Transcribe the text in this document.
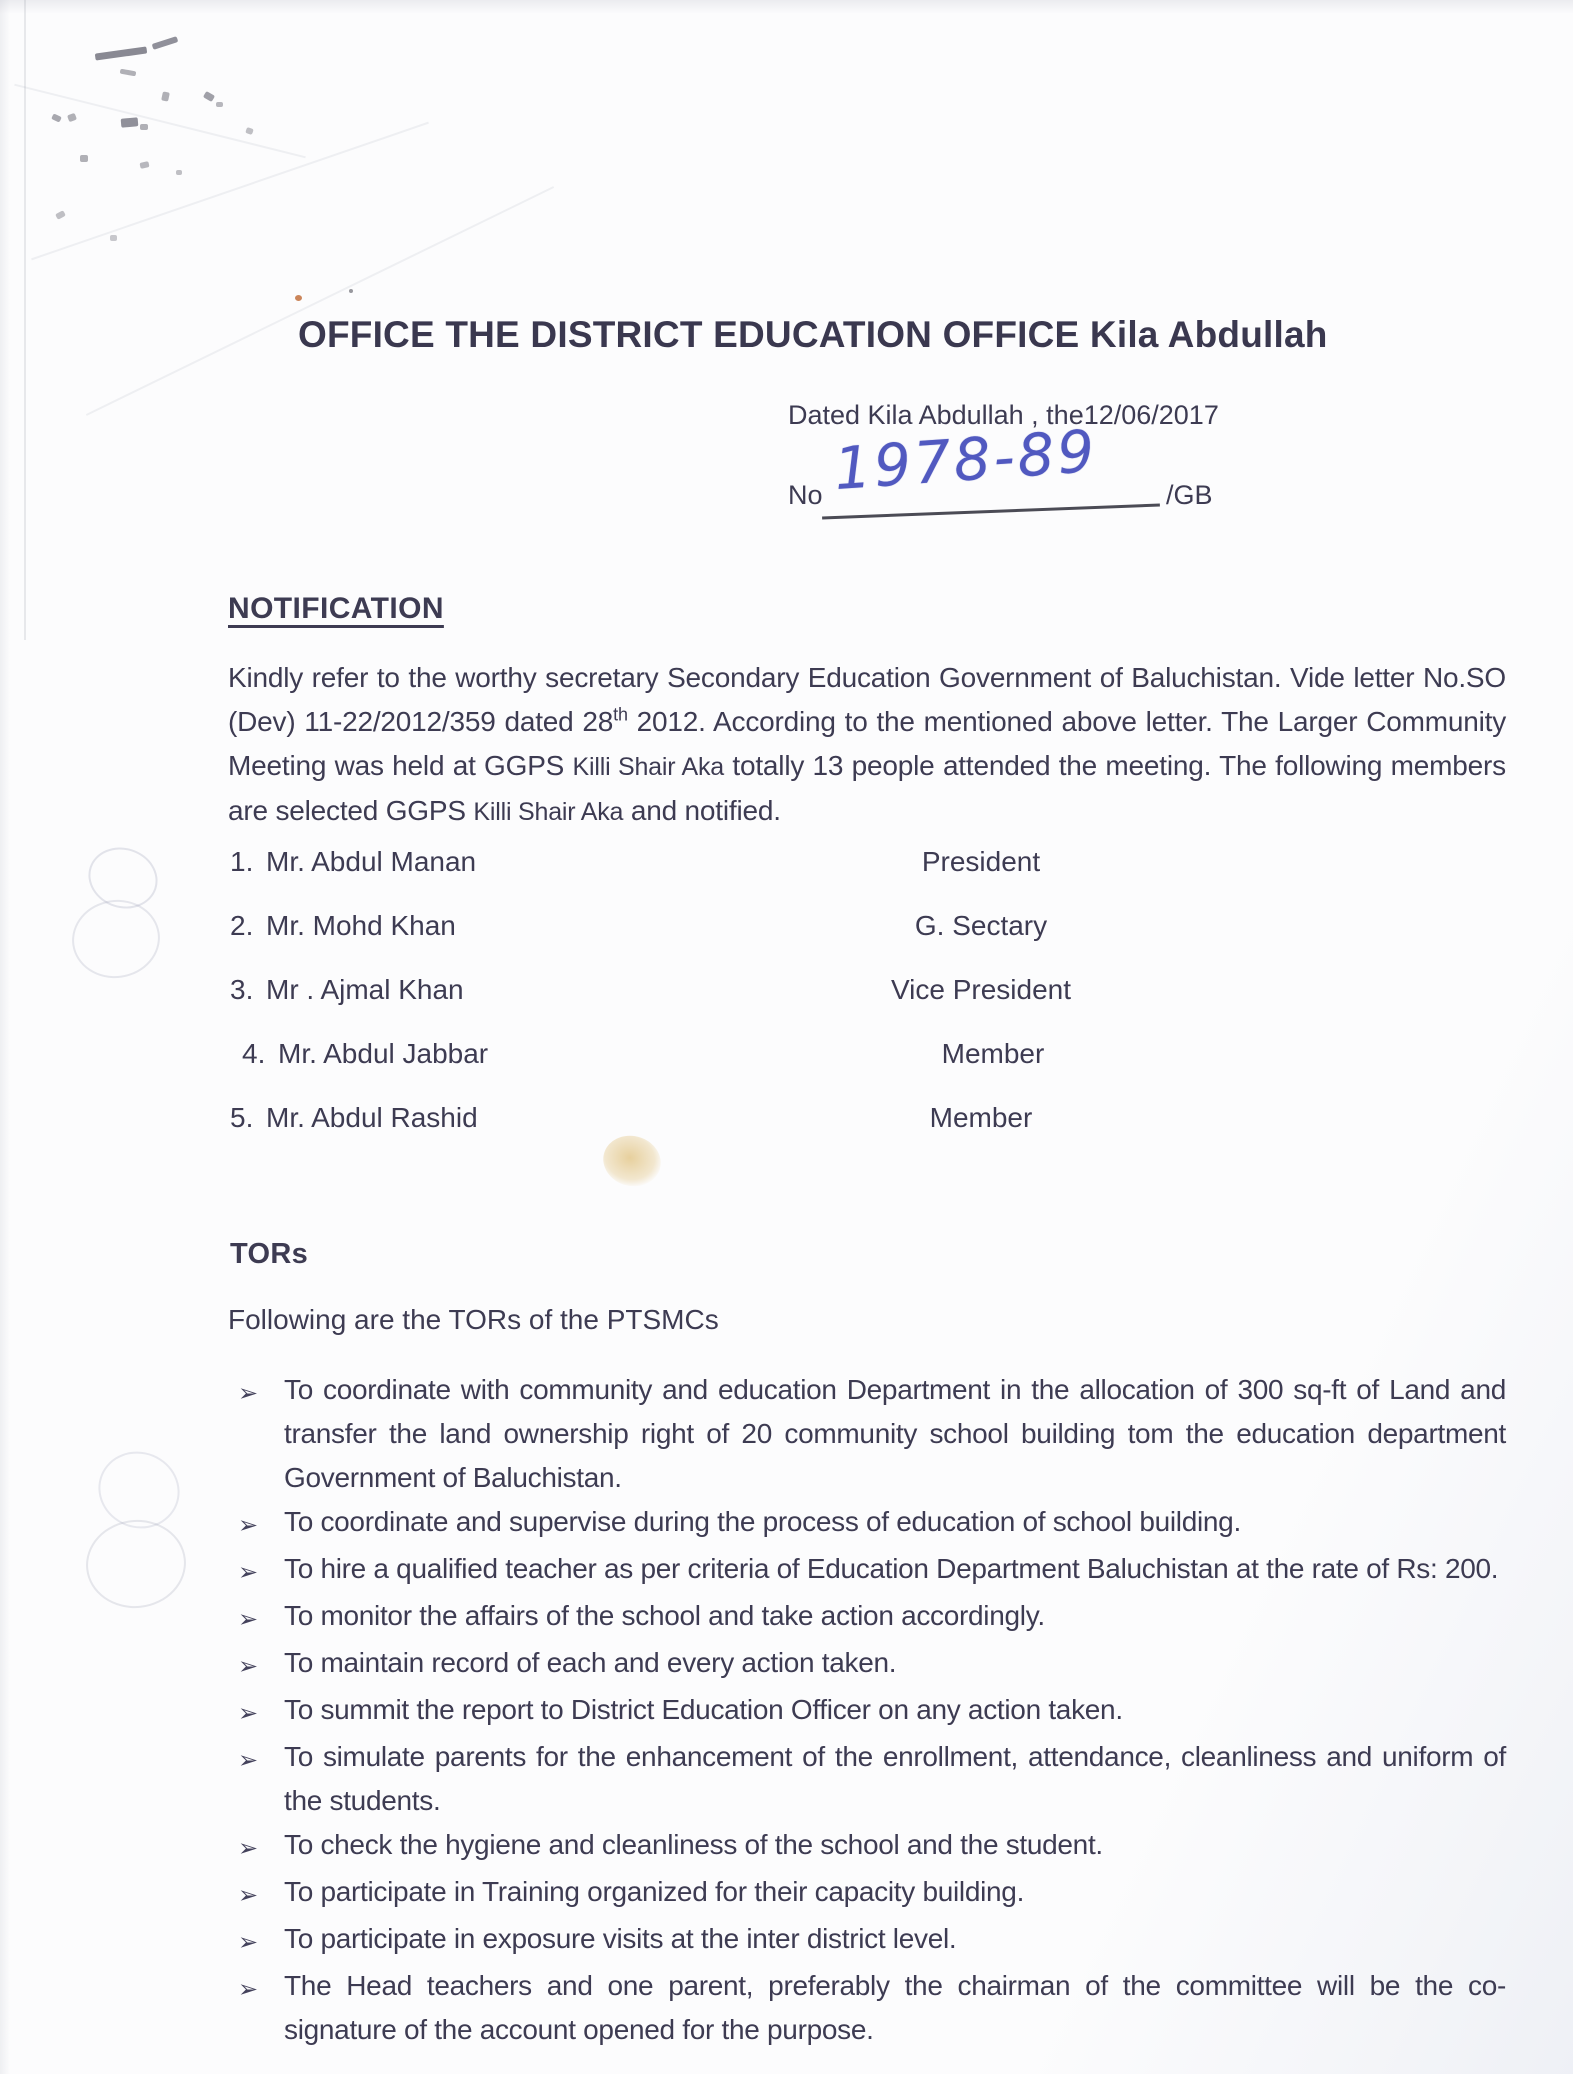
OFFICE THE DISTRICT EDUCATION OFFICE Kila Abdullah
Dated Kila Abdullah , the12/06/2017
No 1978-89 /GB
NOTIFICATION
Kindly refer to the worthy secretary Secondary Education Government of Baluchistan. Vide letter No.SO (Dev) 11-22/2012/359 dated 28th 2012. According to the mentioned above letter. The Larger Community Meeting was held at GGPS Killi Shair Aka totally 13 people attended the meeting. The following members are selected GGPS Killi Shair Aka and notified.
1. Mr. Abdul Manan	President
2. Mr. Mohd Khan	G. Sectary
3. Mr . Ajmal Khan	Vice President
4. Mr. Abdul Jabbar	Member
5. Mr. Abdul Rashid	Member
TORs
Following are the TORs of the PTSMCs
➢ To coordinate with community and education Department in the allocation of 300 sq-ft of Land and transfer the land ownership right of 20 community school building tom the education department Government of Baluchistan.
➢ To coordinate and supervise during the process of education of school building.
➢ To hire a qualified teacher as per criteria of Education Department Baluchistan at the rate of Rs: 200.
➢ To monitor the affairs of the school and take action accordingly.
➢ To maintain record of each and every action taken.
➢ To summit the report to District Education Officer on any action taken.
➢ To simulate parents for the enhancement of the enrollment, attendance, cleanliness and uniform of the students.
➢ To check the hygiene and cleanliness of the school and the student.
➢ To participate in Training organized for their capacity building.
➢ To participate in exposure visits at the inter district level.
➢ The Head teachers and one parent, preferably the chairman of the committee will be the co-signature of the account opened for the purpose.
